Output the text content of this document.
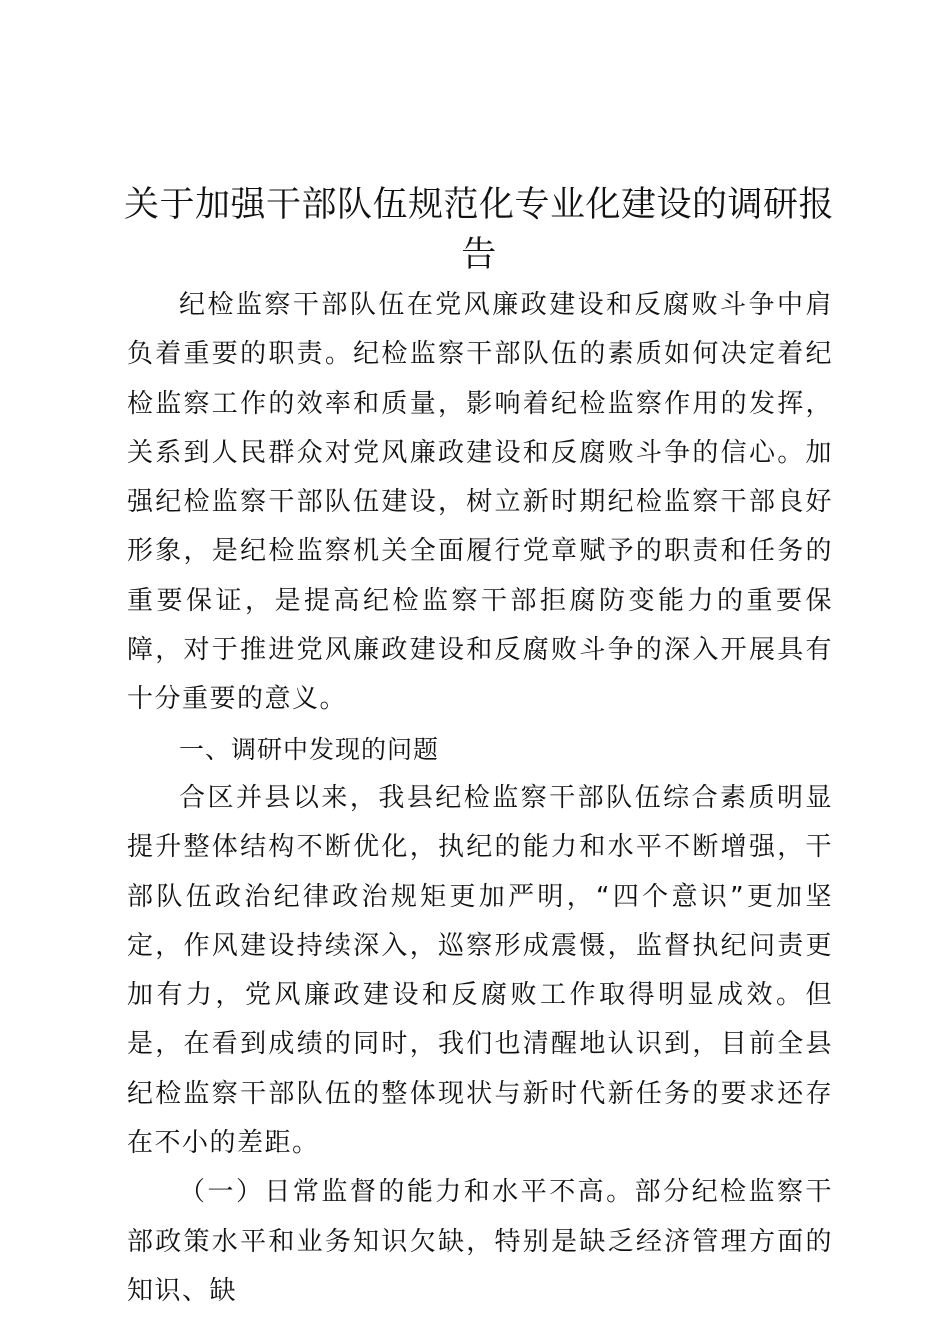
关于加强干部队伍规范化专业化建设的调研报告

纪检监察干部队伍在党风廉政建设和反腐败斗争中肩负着重要的职责。纪检监察干部队伍的素质如何决定着纪检监察工作的效率和质量，影响着纪检监察作用的发挥，关系到人民群众对党风廉政建设和反腐败斗争的信心。加强纪检监察干部队伍建设，树立新时期纪检监察干部良好形象，是纪检监察机关全面履行党章赋予的职责和任务的重要保证，是提高纪检监察干部拒腐防变能力的重要保障，对于推进党风廉政建设和反腐败斗争的深入开展具有十分重要的意义。

一、调研中发现的问题

合区并县以来，我县纪检监察干部队伍综合素质明显提升整体结构不断优化，执纪的能力和水平不断增强，干部队伍政治纪律政治规矩更加严明，“四个意识”更加坚定，作风建设持续深入，巡察形成震慑，监督执纪问责更加有力，党风廉政建设和反腐败工作取得明显成效。但是，在看到成绩的同时，我们也清醒地认识到，目前全县纪检监察干部队伍的整体现状与新时代新任务的要求还存在不小的差距。

（一）日常监督的能力和水平不高。部分纪检监察干部政策水平和业务知识欠缺，特别是缺乏经济管理方面的知识、缺
